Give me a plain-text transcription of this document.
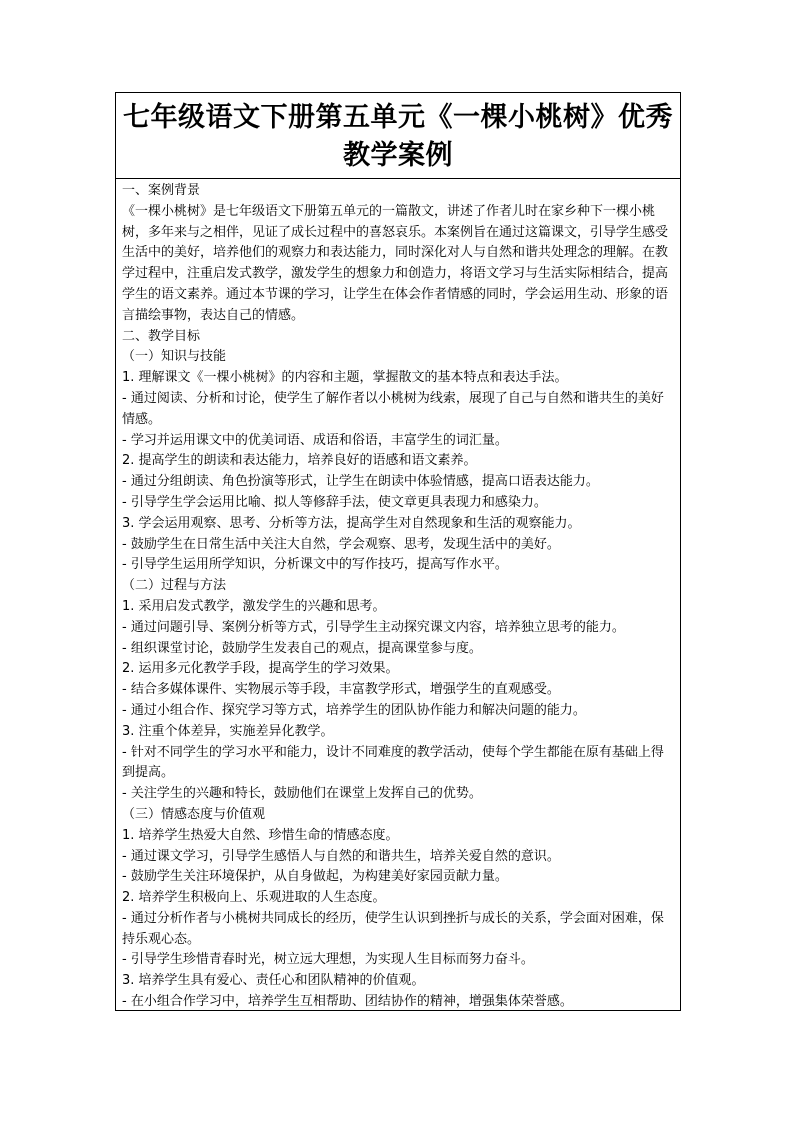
七年级语文下册第五单元《一棵小桃树》优秀教学案例
一、案例背景
《一棵小桃树》是七年级语文下册第五单元的一篇散文，讲述了作者儿时在家乡种下一棵小桃树，多年来与之相伴，见证了成长过程中的喜怒哀乐。本案例旨在通过这篇课文，引导学生感受生活中的美好，培养他们的观察力和表达能力，同时深化对人与自然和谐共处理念的理解。在教学过程中，注重启发式教学，激发学生的想象力和创造力，将语文学习与生活实际相结合，提高学生的语文素养。通过本节课的学习，让学生在体会作者情感的同时，学会运用生动、形象的语言描绘事物，表达自己的情感。
二、教学目标
（一）知识与技能
1. 理解课文《一棵小桃树》的内容和主题，掌握散文的基本特点和表达手法。
- 通过阅读、分析和讨论，使学生了解作者以小桃树为线索，展现了自己与自然和谐共生的美好情感。
- 学习并运用课文中的优美词语、成语和俗语，丰富学生的词汇量。
2. 提高学生的朗读和表达能力，培养良好的语感和语文素养。
- 通过分组朗读、角色扮演等形式，让学生在朗读中体验情感，提高口语表达能力。
- 引导学生学会运用比喻、拟人等修辞手法，使文章更具表现力和感染力。
3. 学会运用观察、思考、分析等方法，提高学生对自然现象和生活的观察能力。
- 鼓励学生在日常生活中关注大自然，学会观察、思考，发现生活中的美好。
- 引导学生运用所学知识，分析课文中的写作技巧，提高写作水平。
（二）过程与方法
1. 采用启发式教学，激发学生的兴趣和思考。
- 通过问题引导、案例分析等方式，引导学生主动探究课文内容，培养独立思考的能力。
- 组织课堂讨论，鼓励学生发表自己的观点，提高课堂参与度。
2. 运用多元化教学手段，提高学生的学习效果。
- 结合多媒体课件、实物展示等手段，丰富教学形式，增强学生的直观感受。
- 通过小组合作、探究学习等方式，培养学生的团队协作能力和解决问题的能力。
3. 注重个体差异，实施差异化教学。
- 针对不同学生的学习水平和能力，设计不同难度的教学活动，使每个学生都能在原有基础上得到提高。
- 关注学生的兴趣和特长，鼓励他们在课堂上发挥自己的优势。
（三）情感态度与价值观
1. 培养学生热爱大自然、珍惜生命的情感态度。
- 通过课文学习，引导学生感悟人与自然的和谐共生，培养关爱自然的意识。
- 鼓励学生关注环境保护，从自身做起，为构建美好家园贡献力量。
2. 培养学生积极向上、乐观进取的人生态度。
- 通过分析作者与小桃树共同成长的经历，使学生认识到挫折与成长的关系，学会面对困难，保持乐观心态。
- 引导学生珍惜青春时光，树立远大理想，为实现人生目标而努力奋斗。
3. 培养学生具有爱心、责任心和团队精神的价值观。
- 在小组合作学习中，培养学生互相帮助、团结协作的精神，增强集体荣誉感。
